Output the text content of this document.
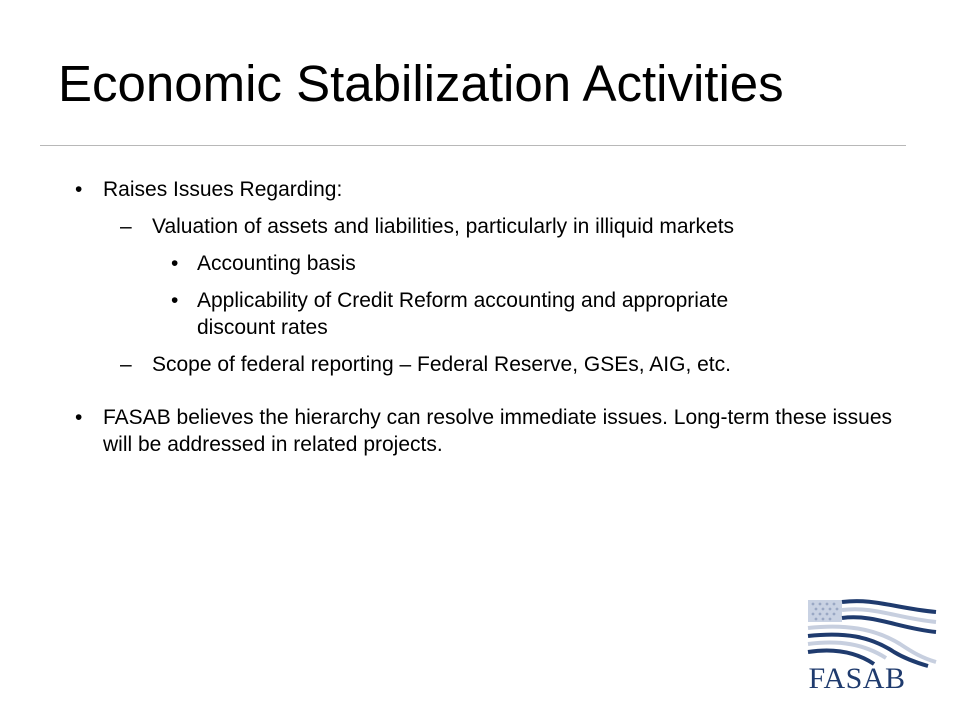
Economic Stabilization Activities
• Raises Issues Regarding:
– Valuation of assets and liabilities, particularly in illiquid markets
• Accounting basis
• Applicability of Credit Reform accounting and appropriate discount rates
– Scope of federal reporting – Federal Reserve, GSEs, AIG, etc.
• FASAB believes the hierarchy can resolve immediate issues. Long-term these issues will be addressed in related projects.
FASAB
